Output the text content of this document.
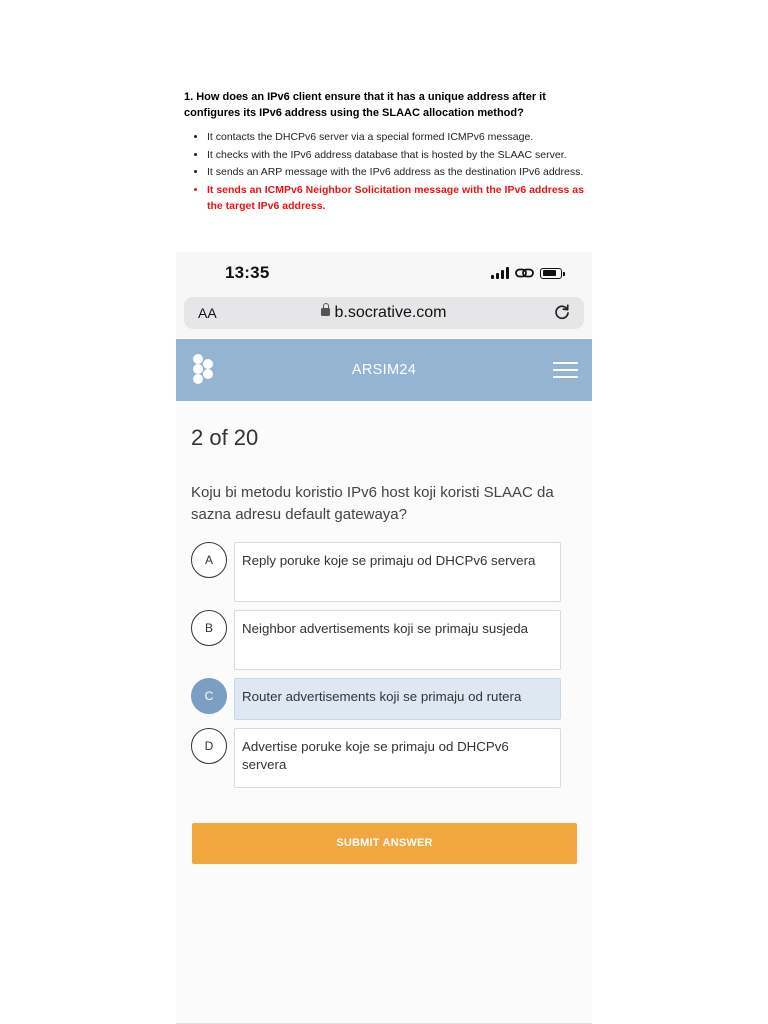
1. How does an IPv6 client ensure that it has a unique address after it configures its IPv6 address using the SLAAC allocation method?

• It contacts the DHCPv6 server via a special formed ICMPv6 message.
• It checks with the IPv6 address database that is hosted by the SLAAC server.
• It sends an ARP message with the IPv6 address as the destination IPv6 address.
• It sends an ICMPv6 Neighbor Solicitation message with the IPv6 address as the target IPv6 address.
13:35
AA	b.socrative.com
ARSIM24
2 of 20
Koju bi metodu koristio IPv6 host koji koristi SLAAC da sazna adresu default gatewaya?
A	Reply poruke koje se primaju od DHCPv6 servera
B	Neighbor advertisements koji se primaju susjeda
C	Router advertisements koji se primaju od rutera
D	Advertise poruke koje se primaju od DHCPv6 servera
SUBMIT ANSWER
